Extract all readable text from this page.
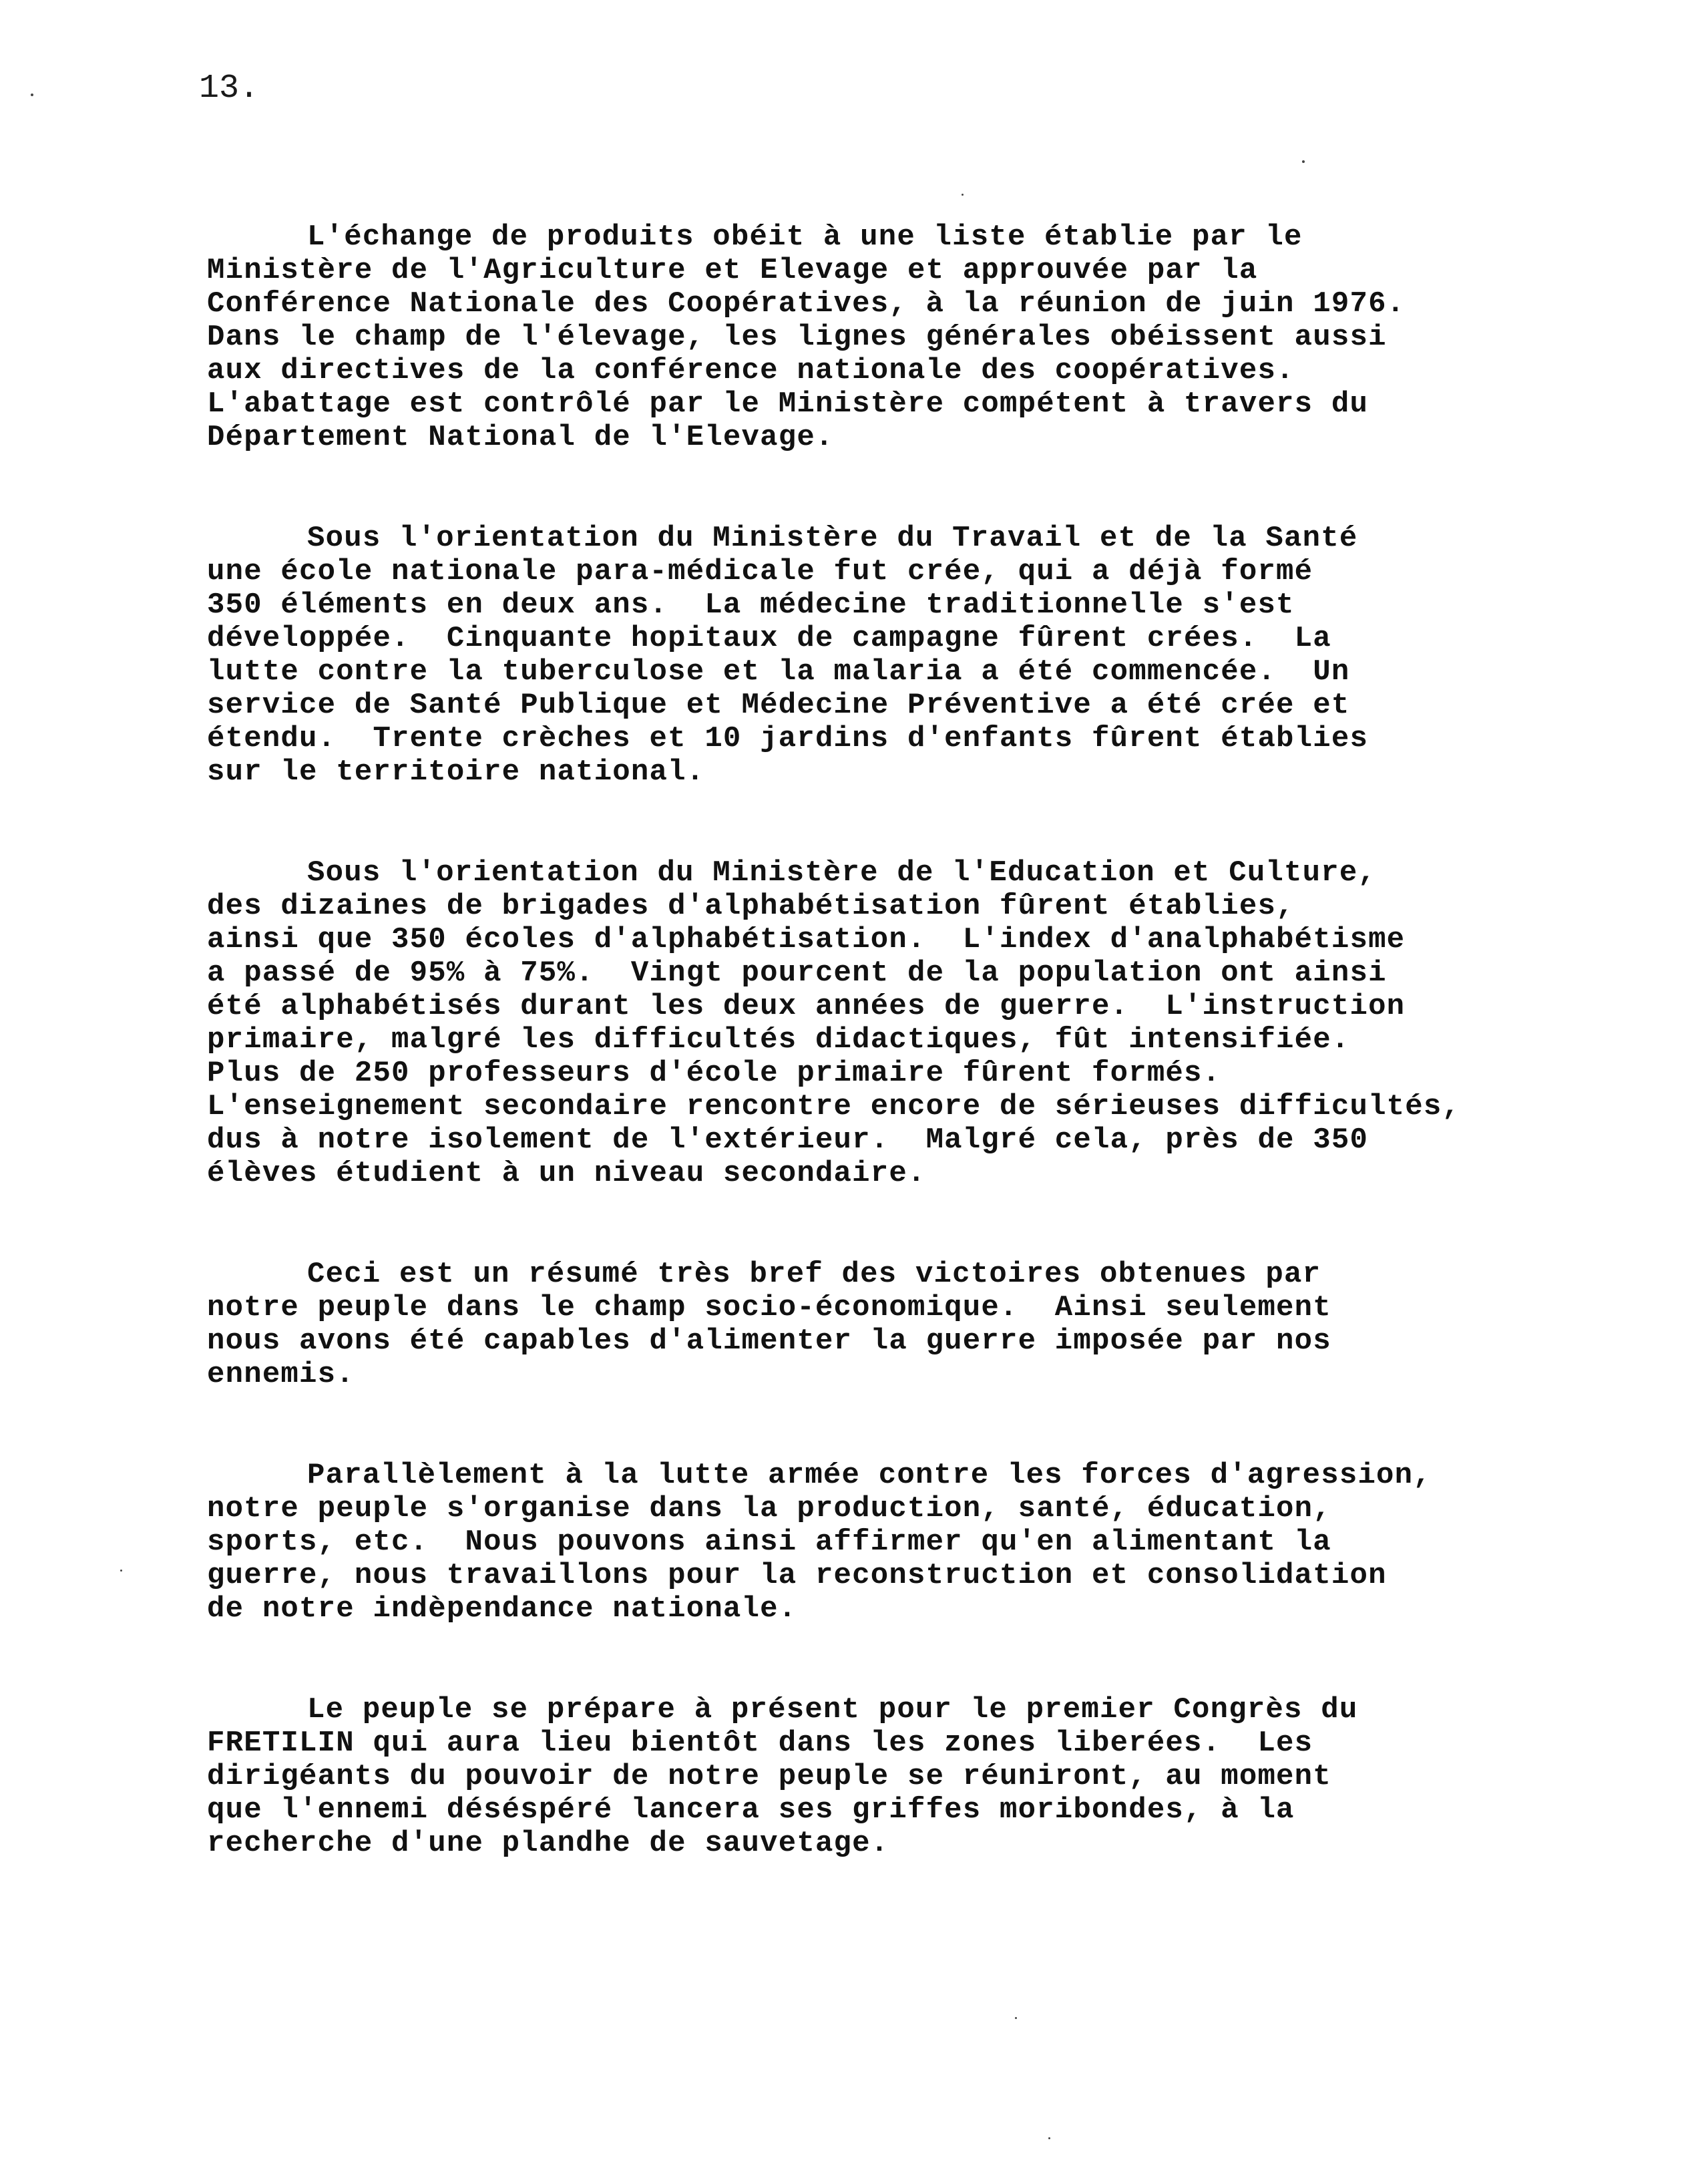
13.
L'échange de produits obéit à une liste établie par le
Ministère de l'Agriculture et Elevage et approuvée par la
Conférence Nationale des Coopératives, à la réunion de juin 1976.
Dans le champ de l'élevage, les lignes générales obéissent aussi
aux directives de la conférence nationale des coopératives.
L'abattage est contrôlé par le Ministère compétent à travers du
Département National de l'Elevage.
Sous l'orientation du Ministère du Travail et de la Santé
une école nationale para-médicale fut crée, qui a déjà formé
350 éléments en deux ans.  La médecine traditionnelle s'est
développée.  Cinquante hopitaux de campagne fûrent crées.  La
lutte contre la tuberculose et la malaria a été commencée.  Un
service de Santé Publique et Médecine Préventive a été crée et
étendu.  Trente crèches et 10 jardins d'enfants fûrent établies
sur le territoire national.
Sous l'orientation du Ministère de l'Education et Culture,
des dizaines de brigades d'alphabétisation fûrent établies,
ainsi que 350 écoles d'alphabétisation.  L'index d'analphabétisme
a passé de 95% à 75%.  Vingt pourcent de la population ont ainsi
été alphabétisés durant les deux années de guerre.  L'instruction
primaire, malgré les difficultés didactiques, fût intensifiée.
Plus de 250 professeurs d'école primaire fûrent formés.
L'enseignement secondaire rencontre encore de sérieuses difficultés,
dus à notre isolement de l'extérieur.  Malgré cela, près de 350
élèves étudient à un niveau secondaire.
Ceci est un résumé très bref des victoires obtenues par
notre peuple dans le champ socio-économique.  Ainsi seulement
nous avons été capables d'alimenter la guerre imposée par nos
ennemis.
Parallèlement à la lutte armée contre les forces d'agression,
notre peuple s'organise dans la production, santé, éducation,
sports, etc.  Nous pouvons ainsi affirmer qu'en alimentant la
guerre, nous travaillons pour la reconstruction et consolidation
de notre indèpendance nationale.
Le peuple se prépare à présent pour le premier Congrès du
FRETILIN qui aura lieu bientôt dans les zones liberées.  Les
dirigéants du pouvoir de notre peuple se réuniront, au moment
que l'ennemi déséspéré lancera ses griffes moribondes, à la
recherche d'une plandhe de sauvetage.
